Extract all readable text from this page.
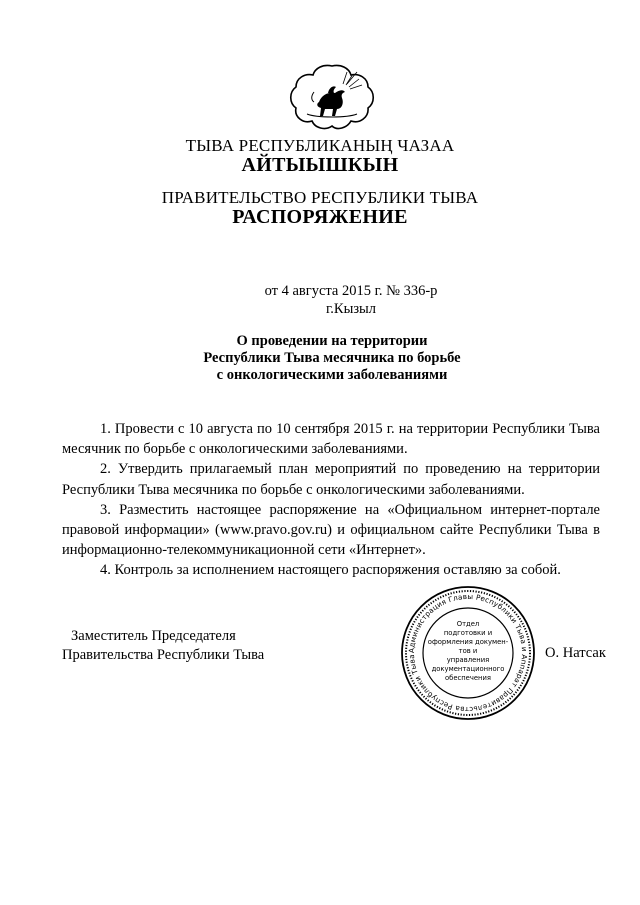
ТЫВА РЕСПУБЛИКАНЫҢ ЧАЗАА
АЙТЫЫШКЫН
ПРАВИТЕЛЬСТВО РЕСПУБЛИКИ ТЫВА
РАСПОРЯЖЕНИЕ
от 4 августа 2015 г. № 336-р
г.Кызыл
О проведении на территории
Республики Тыва месячника по борьбе
с онкологическими заболеваниями

1. Провести с 10 августа по 10 сентября 2015 г. на территории Республики Тыва месячник по борьбе с онкологическими заболеваниями.

2. Утвердить прилагаемый план мероприятий по проведению на территории Республики Тыва месячника по борьбе с онкологическими заболеваниями.

3. Разместить настоящее распоряжение на «Официальном интернет-портале правовой информации» (www.pravo.gov.ru) и официальном сайте Республики Тыва в информационно-телекоммуникационной сети «Интернет».

4. Контроль за исполнением настоящего распоряжения оставляю за собой.

Заместитель Председателя
Правительства Республики Тыва	О. Натсак
Администрация Главы Республики Тыва и Аппарат Правительства Республики Тыва
Отдел
подготовки и
оформления докумен-
тов и
управления
документационного
обеспечения
